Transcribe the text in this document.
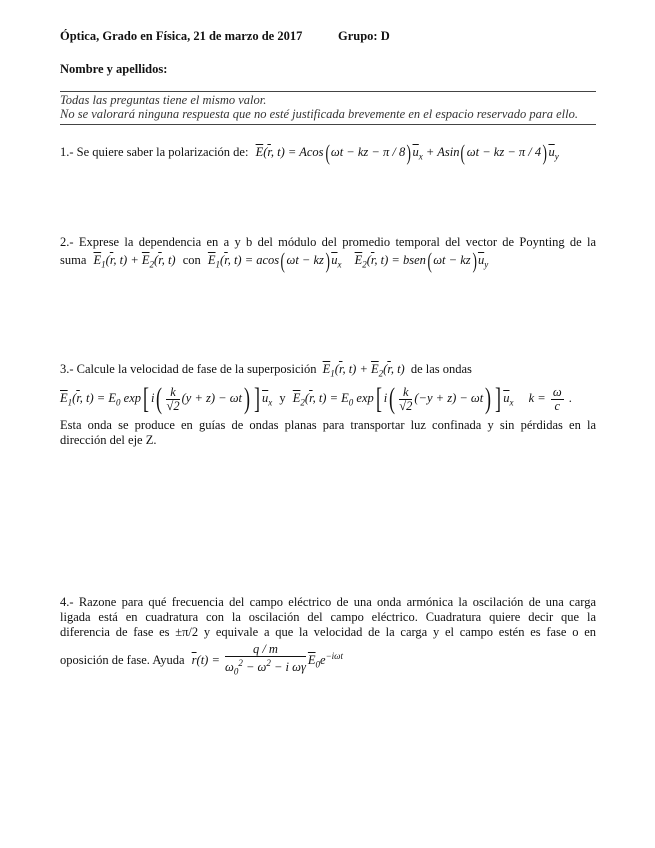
Óptica, Grado en Física, 21 de marzo de 2017	Grupo: D
Nombre y apellidos:
Todas las preguntas tiene el mismo valor.
No se valorará ninguna respuesta que no esté justificada brevemente en el espacio reservado para ello.
1.- Se quiere saber la polarización de: $\overline{E}(\overline{r}$, t) = Acos(ωt − kz − $\pi / 8)\overline{u}_x + Asin(\omega t$ − kz − π / $4)\overline{u}_y$
2.- Exprese la dependencia en a y b del módulo del promedio temporal del vector de Poynting de la
suma $\overline{E}_1(\overline{r}$, $t) + \overline{E}_2(\overline{r}$, t) con $\overline{E}_1(\overline{r}$, $t) = acos(\omega t - kz)\overline{u}_x$ $\overline{E}_2(\overline{r}$, t) = bsen(ωt − $kz)\overline{u}_y$
3.- Calcule la velocidad de fase de la superposición $\overline{E}_1(\overline{r}$, $t) + \overline{E}_2(\overline{r}$, t) de las ondas
$\overline{E}_1(\overline{r}$, $t) = E_0$ exp[ $i( \frac{k}{√2} (y + z) - \omega t)$ ] $\overline{u}_x$ y $\overline{E}_2(\overline{r}$, $t) = E_0$ exp[ $i( \frac{k}{√2} (-y + z) - \omega t)$ ] $\overline{u}_x$ $k = \frac{\omega}{c}$ .
Esta onda se produce en guías de ondas planas para transportar luz confinada y sin pérdidas en la
dirección del eje Z.
4.- Razone para qué frecuencia del campo eléctrico de una onda armónica la oscilación de una carga
ligada está en cuadratura con la oscilación del campo eléctrico. Cuadratura quiere decir que la
diferencia de fase es ±π/2 y equivale a que la velocidad de la carga y el campo estén es fase o en
oposición de fase. Ayuda $\overline{r}(t) = \frac{q / m}{\omega_0^2 - \omega^2 - i \omega\gamma} \overline{E}_0e^{-i\omega t}$
